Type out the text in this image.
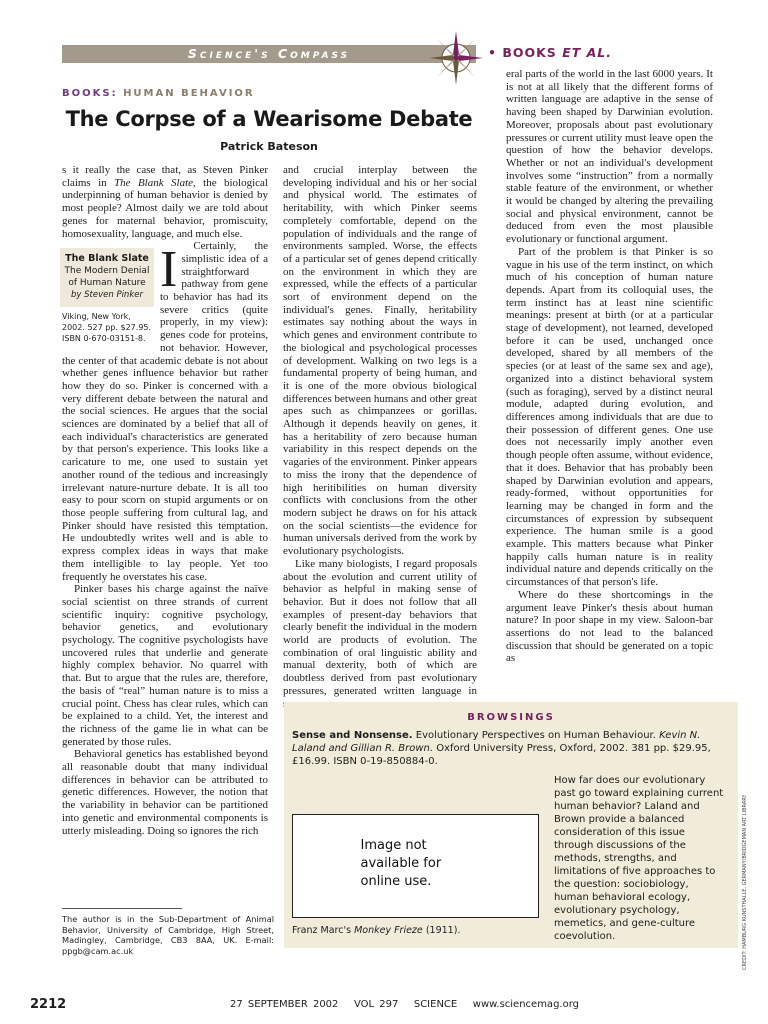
Science's Compass	• BOOKS ET AL.
BOOKS: HUMAN BEHAVIOR
The Corpse of a Wearisome Debate
Patrick Bateson
The Blank Slate
The Modern Denial of Human Nature
by Steven Pinker
Viking, New York, 2002. 527 pp. $27.95. ISBN 0-670-03151-8.

I
s it really the case that, as Steven Pinker claims in The Blank Slate, the biological underpinning of human behavior is denied by most people? Almost daily we are told about genes for maternal behavior, promiscuity, homosexuality, language, and much else.

Certainly, the simplistic idea of a straightforward pathway from gene to behavior has had its severe critics (quite properly, in my view): genes code for proteins, not behavior. However, the center of that academic debate is not about whether genes influence behavior but rather how they do so. Pinker is concerned with a very different debate between the natural and the social sciences. He argues that the social sciences are dominated by a belief that all of each individual's characteristics are generated by that person's experience. This looks like a caricature to me, one used to sustain yet another round of the tedious and increasingly irrelevant nature-nurture debate. It is all too easy to pour scorn on stupid arguments or on those people suffering from cultural lag, and Pinker should have resisted this temptation. He undoubtedly writes well and is able to express complex ideas in ways that make them intelligible to lay people. Yet too frequently he overstates his case.

Pinker bases his charge against the naïve social scientist on three strands of current scientific inquiry: cognitive psychology, behavior genetics, and evolutionary psychology. The cognitive psychologists have uncovered rules that underlie and generate highly complex behavior. No quarrel with that. But to argue that the rules are, therefore, the basis of “real” human nature is to miss a crucial point. Chess has clear rules, which can be explained to a child. Yet, the interest and the richness of the game lie in what can be generated by those rules.

Behavioral genetics has established beyond all reasonable doubt that many individual differences in behavior can be attributed to genetic differences. However, the notion that the variability in behavior can be partitioned into genetic and environmental components is utterly misleading. Doing so ignores the rich

The author is in the Sub-Department of Animal Behavior, University of Cambridge, High Street, Madingley, Cambridge, CB3 8AA, UK. E-mail: ppgb@cam.ac.uk

and crucial interplay between the developing individual and his or her social and physical world. The estimates of heritability, with which Pinker seems completely comfortable, depend on the population of individuals and the range of environments sampled. Worse, the effects of a particular set of genes depend critically on the environment in which they are expressed, while the effects of a particular sort of environment depend on the individual's genes. Finally, heritability estimates say nothing about the ways in which genes and environment contribute to the biological and psychological processes of development. Walking on two legs is a fundamental property of being human, and it is one of the more obvious biological differences between humans and other great apes such as chimpanzees or gorillas. Although it depends heavily on genes, it has a heritability of zero because human variability in this respect depends on the vagaries of the environment. Pinker appears to miss the irony that the dependence of high heritibilities on human diversity conflicts with conclusions from the other modern subject he draws on for his attack on the social scientists—the evidence for human universals derived from the work by evolutionary psychologists.

Like many biologists, I regard proposals about the evolution and current utility of behavior as helpful in making sense of behavior. But it does not follow that all examples of present-day behaviors that clearly benefit the individual in the modern world are products of evolution. The combination of oral linguistic ability and manual dexterity, both of which are doubtless derived from past evolutionary pressures, generated written language in

eral parts of the world in the last 6000 years. It is not at all likely that the different forms of written language are adaptive in the sense of having been shaped by Darwinian evolution. Moreover, proposals about past evolutionary pressures or current utility must leave open the question of how the behavior develops. Whether or not an individual's development involves some “instruction” from a normally stable feature of the environment, or whether it would be changed by altering the prevailing social and physical environment, cannot be deduced from even the most plausible evolutionary or functional argument.

Part of the problem is that Pinker is so vague in his use of the term instinct, on which much of his conception of human nature depends. Apart from its colloquial uses, the term instinct has at least nine scientific meanings: present at birth (or at a particular stage of development), not learned, developed before it can be used, unchanged once developed, shared by all members of the species (or at least of the same sex and age), organized into a distinct behavioral system (such as foraging), served by a distinct neural module, adapted during evolution, and differences among individuals that are due to their possession of different genes. One use does not necessarily imply another even though people often assume, without evidence, that it does. Behavior that has probably been shaped by Darwinian evolution and appears, ready-formed, without opportunities for learning may be changed in form and the circumstances of expression by subsequent experience. The human smile is a good example. This matters because what Pinker happily calls human nature is in reality individual nature and depends critically on the circumstances of that person's life.

Where do these shortcomings in the argument leave Pinker's thesis about human nature? In poor shape in my view. Saloon-bar assertions do not lead to the balanced discussion that should be generated on a topic as

BROWSINGS
Sense and Nonsense. Evolutionary Perspectives on Human Behaviour. Kevin N. Laland and Gillian R. Brown. Oxford University Press, Oxford, 2002. 381 pp. $29.95, £16.99. ISBN 0-19-850884-0.
Image not available for online use.
Franz Marc's Monkey Frieze (1911).
How far does our evolutionary past go toward explaining current human behavior? Laland and Brown provide a balanced consideration of this issue through discussions of the methods, strengths, and limitations of five approaches to the question: sociobiology, human behavioral ecology, evolutionary psychology, memetics, and gene-culture coevolution.	CREDIT: HAMBURG KUNSTHALLE, GERMANY/BRIDGEMAN ART LIBRARY
2212	27 SEPTEMBER 2002   VOL 297   SCIENCE   www.sciencemag.org
